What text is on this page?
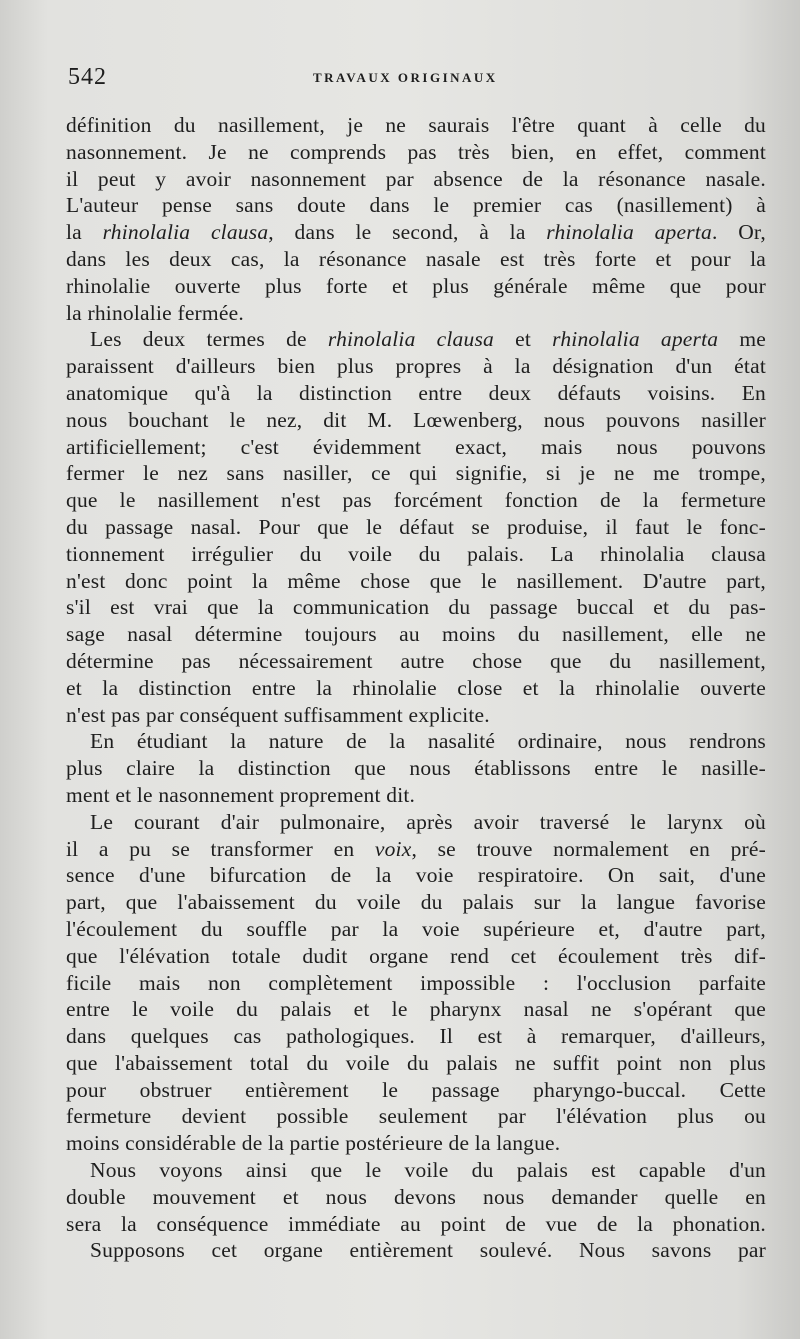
542	TRAVAUX ORIGINAUX

définition du nasillement, je ne saurais l'être quant à celle du
nasonnement. Je ne comprends pas très bien, en effet, comment
il peut y avoir nasonnement par absence de la résonance nasale.
L'auteur pense sans doute dans le premier cas (nasillement) à
la rhinolalia clausa, dans le second, à la rhinolalia aperta. Or,
dans les deux cas, la résonance nasale est très forte et pour la
rhinolalie ouverte plus forte et plus générale même que pour
la rhinolalie fermée.

Les deux termes de rhinolalia clausa et rhinolalia aperta me
paraissent d'ailleurs bien plus propres à la désignation d'un état
anatomique qu'à la distinction entre deux défauts voisins. En
nous bouchant le nez, dit M. Lœwenberg, nous pouvons nasiller
artificiellement; c'est évidemment exact, mais nous pouvons
fermer le nez sans nasiller, ce qui signifie, si je ne me trompe,
que le nasillement n'est pas forcément fonction de la fermeture
du passage nasal. Pour que le défaut se produise, il faut le fonc-
tionnement irrégulier du voile du palais. La rhinolalia clausa
n'est donc point la même chose que le nasillement. D'autre part,
s'il est vrai que la communication du passage buccal et du pas-
sage nasal détermine toujours au moins du nasillement, elle ne
détermine pas nécessairement autre chose que du nasillement,
et la distinction entre la rhinolalie close et la rhinolalie ouverte
n'est pas par conséquent suffisamment explicite.

En étudiant la nature de la nasalité ordinaire, nous rendrons
plus claire la distinction que nous établissons entre le nasille-
ment et le nasonnement proprement dit.

Le courant d'air pulmonaire, après avoir traversé le larynx où
il a pu se transformer en voix, se trouve normalement en pré-
sence d'une bifurcation de la voie respiratoire. On sait, d'une
part, que l'abaissement du voile du palais sur la langue favorise
l'écoulement du souffle par la voie supérieure et, d'autre part,
que l'élévation totale dudit organe rend cet écoulement très dif-
ficile mais non complètement impossible : l'occlusion parfaite
entre le voile du palais et le pharynx nasal ne s'opérant que
dans quelques cas pathologiques. Il est à remarquer, d'ailleurs,
que l'abaissement total du voile du palais ne suffit point non plus
pour obstruer entièrement le passage pharyngo-buccal. Cette
fermeture devient possible seulement par l'élévation plus ou
moins considérable de la partie postérieure de la langue.

Nous voyons ainsi que le voile du palais est capable d'un
double mouvement et nous devons nous demander quelle en
sera la conséquence immédiate au point de vue de la phonation.

Supposons cet organe entièrement soulevé. Nous savons par
